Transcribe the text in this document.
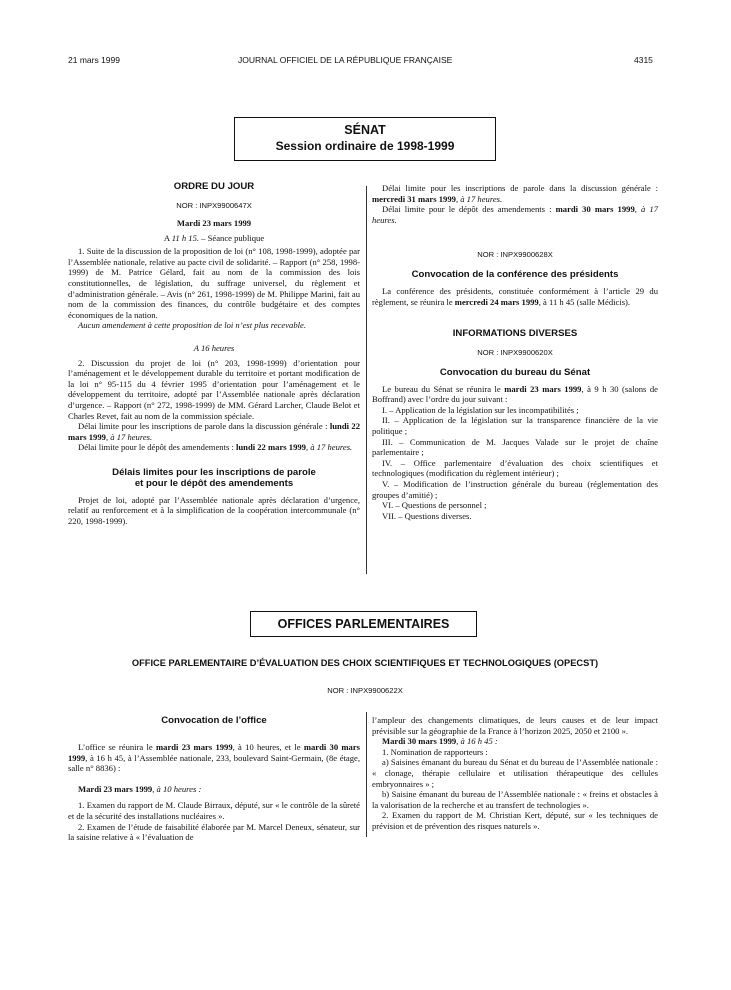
21 mars 1999	JOURNAL OFFICIEL DE LA RÉPUBLIQUE FRANÇAISE	4315
SÉNAT
Session ordinaire de 1998-1999
ORDRE DU JOUR
NOR : INPX9900647X
Mardi 23 mars 1999
A 11 h 15. – Séance publique

1. Suite de la discussion de la proposition de loi (n° 108, 1998-1999), adoptée par l’Assemblée nationale, relative au pacte civil de solidarité. – Rapport (n° 258, 1998-1999) de M. Patrice Gélard, fait au nom de la commission des lois constitutionnelles, de législation, du suffrage universel, du règlement et d’administration générale. – Avis (n° 261, 1998-1999) de M. Philippe Marini, fait au nom de la commission des finances, du contrôle budgétaire et des comptes économiques de la nation.

Aucun amendement à cette proposition de loi n’est plus recevable.

A 16 heures

2. Discussion du projet de loi (n° 203, 1998-1999) d’orientation pour l’aménagement et le développement durable du territoire et portant modification de la loi n° 95-115 du 4 février 1995 d’orientation pour l’aménagement et le développement du territoire, adopté par l’Assemblée nationale après déclaration d’urgence. – Rapport (n° 272, 1998-1999) de MM. Gérard Larcher, Claude Belot et Charles Revet, fait au nom de la commission spéciale.

Délai limite pour les inscriptions de parole dans la discussion générale : lundi 22 mars 1999, à 17 heures.

Délai limite pour le dépôt des amendements : lundi 22 mars 1999, à 17 heures.

Délais limites pour les inscriptions de parole et pour le dépôt des amendements

Projet de loi, adopté par l’Assemblée nationale après déclaration d’urgence, relatif au renforcement et à la simplification de la coopération intercommunale (n° 220, 1998-1999).

Délai limite pour les inscriptions de parole dans la discussion générale : mercredi 31 mars 1999, à 17 heures.

Délai limite pour le dépôt des amendements : mardi 30 mars 1999, à 17 heures.

NOR : INPX9900628X
Convocation de la conférence des présidents

La conférence des présidents, constituée conformément à l’article 29 du règlement, se réunira le mercredi 24 mars 1999, à 11 h 45 (salle Médicis).

INFORMATIONS DIVERSES
NOR : INPX9900620X
Convocation du bureau du Sénat

Le bureau du Sénat se réunira le mardi 23 mars 1999, à 9 h 30 (salons de Boffrand) avec l’ordre du jour suivant :

I. – Application de la législation sur les incompatibilités ;

II. – Application de la législation sur la transparence financière de la vie politique ;

III. – Communication de M. Jacques Valade sur le projet de chaîne parlementaire ;

IV. – Office parlementaire d’évaluation des choix scientifiques et technologiques (modification du règlement intérieur) ;

V. – Modification de l’instruction générale du bureau (réglementation des groupes d’amitié) ;

VI. – Questions de personnel ;

VII. – Questions diverses.

OFFICES PARLEMENTAIRES
OFFICE PARLEMENTAIRE D’ÉVALUATION DES CHOIX SCIENTIFIQUES ET TECHNOLOGIQUES (OPECST)
NOR : INPX9900622X
Convocation de l’office

L’office se réunira le mardi 23 mars 1999, à 10 heures, et le mardi 30 mars 1999, à 16 h 45, à l’Assemblée nationale, 233, boulevard Saint-Germain, (8e étage, salle n° 8836) :

Mardi 23 mars 1999, à 10 heures :

1. Examen du rapport de M. Claude Birraux, député, sur « le contrôle de la sûreté et de la sécurité des installations nucléaires ».

2. Examen de l’étude de faisabilité élaborée par M. Marcel Deneux, sénateur, sur la saisine relative à « l’évaluation de

l’ampleur des changements climatiques, de leurs causes et de leur impact prévisible sur la géographie de la France à l’horizon 2025, 2050 et 2100 ».

Mardi 30 mars 1999, à 16 h 45 :

1. Nomination de rapporteurs :

a) Saisines émanant du bureau du Sénat et du bureau de l’Assemblée nationale : « clonage, thérapie cellulaire et utilisation thérapeutique des cellules embryonnaires » ;

b) Saisine émanant du bureau de l’Assemblée nationale : « freins et obstacles à la valorisation de la recherche et au transfert de technologies ».

2. Examen du rapport de M. Christian Kert, député, sur « les techniques de prévision et de prévention des risques naturels ».
